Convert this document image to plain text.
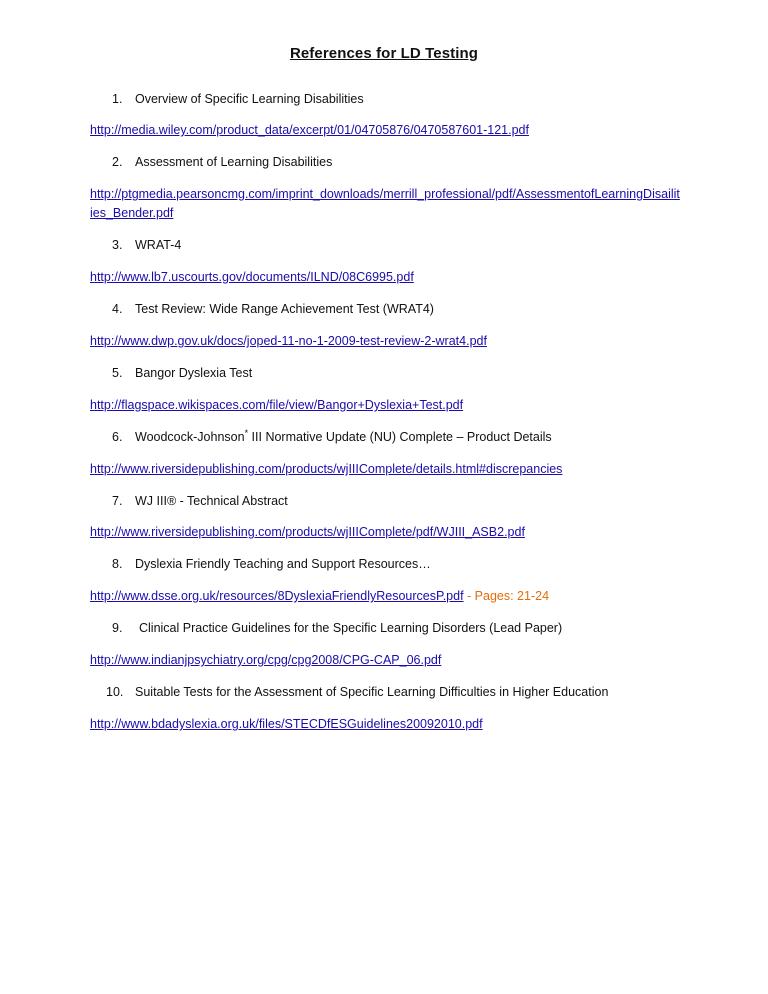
References for LD Testing
1.	Overview of Specific Learning Disabilities
http://media.wiley.com/product_data/excerpt/01/04705876/0470587601-121.pdf
2.	Assessment of Learning Disabilities
http://ptgmedia.pearsoncmg.com/imprint_downloads/merrill_professional/pdf/AssessmentofLearningDisailities_Bender.pdf
3.	WRAT-4
http://www.lb7.uscourts.gov/documents/ILND/08C6995.pdf
4.	Test Review: Wide Range Achievement Test (WRAT4)
http://www.dwp.gov.uk/docs/joped-11-no-1-2009-test-review-2-wrat4.pdf
5.	Bangor Dyslexia Test
http://flagspace.wikispaces.com/file/view/Bangor+Dyslexia+Test.pdf
6.	Woodcock-Johnson* III Normative Update (NU) Complete – Product Details
http://www.riversidepublishing.com/products/wjIIIComplete/details.html#discrepancies
7.	WJ III® - Technical Abstract
http://www.riversidepublishing.com/products/wjIIIComplete/pdf/WJIII_ASB2.pdf
8.	Dyslexia Friendly Teaching and Support Resources…
http://www.dsse.org.uk/resources/8DyslexiaFriendlyResourcesP.pdf - Pages: 21-24
9.	Clinical Practice Guidelines for the Specific Learning Disorders (Lead Paper)
http://www.indianjpsychiatry.org/cpg/cpg2008/CPG-CAP_06.pdf
10. Suitable Tests for the Assessment of Specific Learning Difficulties in Higher Education
http://www.bdadyslexia.org.uk/files/STECDfESGuidelines20092010.pdf
